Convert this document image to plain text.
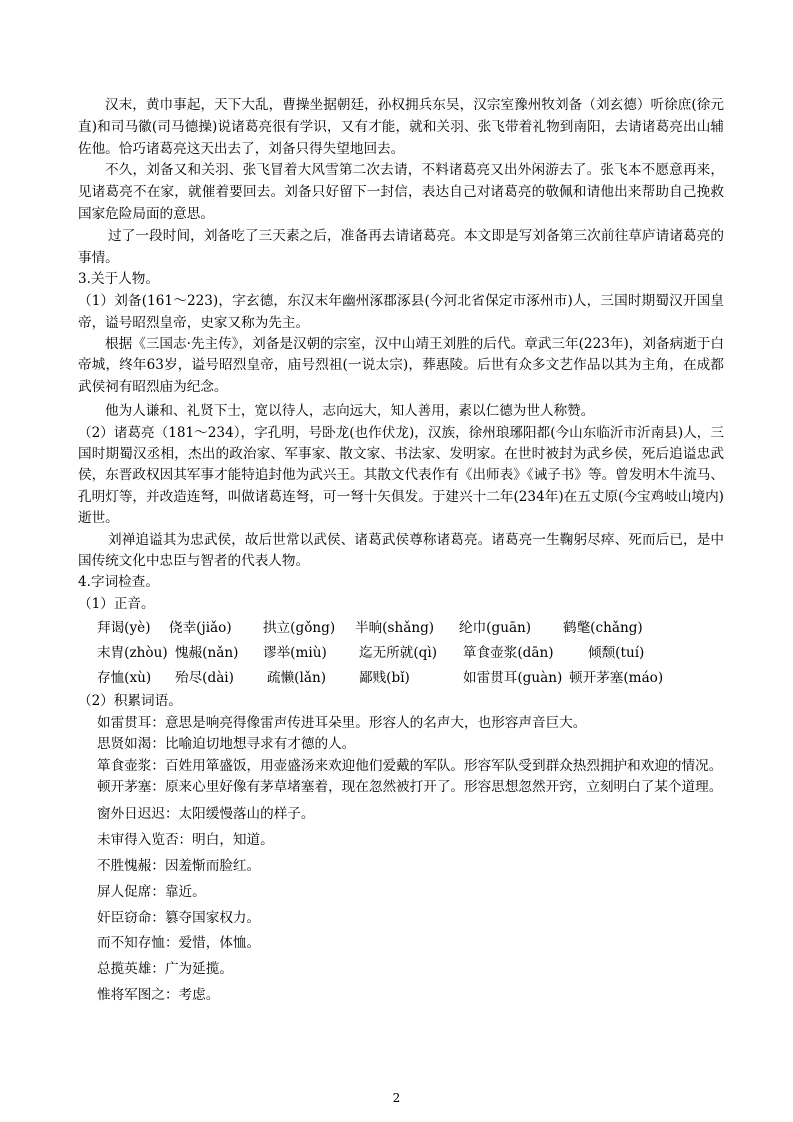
汉末，黄巾事起，天下大乱，曹操坐据朝廷，孙权拥兵东吴，汉宗室豫州牧刘备（刘玄德）听徐庶(徐元直)和司马徽(司马德操)说诸葛亮很有学识，又有才能，就和关羽、张飞带着礼物到南阳，去请诸葛亮出山辅佐他。恰巧诸葛亮这天出去了，刘备只得失望地回去。

不久，刘备又和关羽、张飞冒着大风雪第二次去请，不料诸葛亮又出外闲游去了。张飞本不愿意再来，见诸葛亮不在家，就催着要回去。刘备只好留下一封信，表达自己对诸葛亮的敬佩和请他出来帮助自己挽救国家危险局面的意思。

过了一段时间，刘备吃了三天素之后，准备再去请诸葛亮。本文即是写刘备第三次前往草庐请诸葛亮的事情。

3.关于人物。

（1）刘备(161～223)，字玄德，东汉末年幽州涿郡涿县(今河北省保定市涿州市)人，三国时期蜀汉开国皇帝，谥号昭烈皇帝，史家又称为先主。

根据《三国志·先主传》，刘备是汉朝的宗室，汉中山靖王刘胜的后代。章武三年(223年)，刘备病逝于白帝城，终年63岁，谥号昭烈皇帝，庙号烈祖(一说太宗)，葬惠陵。后世有众多文艺作品以其为主角，在成都武侯祠有昭烈庙为纪念。

他为人谦和、礼贤下士，宽以待人，志向远大，知人善用，素以仁德为世人称赞。

（2）诸葛亮（181～234），字孔明，号卧龙(也作伏龙)，汉族，徐州琅琊阳都(今山东临沂市沂南县)人，三国时期蜀汉丞相，杰出的政治家、军事家、散文家、书法家、发明家。在世时被封为武乡侯，死后追谥忠武侯，东晋政权因其军事才能特追封他为武兴王。其散文代表作有《出师表》《诫子书》等。曾发明木牛流马、孔明灯等，并改造连弩，叫做诸葛连弩，可一弩十矢俱发。于建兴十二年(234年)在五丈原(今宝鸡岐山境内)逝世。

刘禅追谥其为忠武侯，故后世常以武侯、诸葛武侯尊称诸葛亮。诸葛亮一生鞠躬尽瘁、死而后已，是中国传统文化中忠臣与智者的代表人物。

4.字词检查。

（1）正音。

拜谒(yè) 侥幸(jiǎo) 拱立(gǒng) 半晌(shǎng) 纶巾(guān) 鹤氅(chǎng)
末胄(zhòu) 愧赧(nǎn) 谬举(miù) 迄无所就(qì) 箪食壶浆(dān)	倾颓(tuí)
存恤(xù) 殆尽(dài) 疏懒(lǎn) 鄙贱(bǐ)	如雷贯耳(guàn) 顿开茅塞(máo)

（2）积累词语。

如雷贯耳：意思是响亮得像雷声传进耳朵里。形容人的名声大，也形容声音巨大。

思贤如渴：比喻迫切地想寻求有才德的人。

箪食壶浆：百姓用箪盛饭，用壶盛汤来欢迎他们爱戴的军队。形容军队受到群众热烈拥护和欢迎的情况。

顿开茅塞：原来心里好像有茅草堵塞着，现在忽然被打开了。形容思想忽然开窍，立刻明白了某个道理。

窗外日迟迟：太阳缓慢落山的样子。
未审得入览否：明白，知道。
不胜愧赧：因羞惭而脸红。
屏人促席：靠近。
奸臣窃命：篡夺国家权力。
而不知存恤：爱惜，体恤。
总揽英雄：广为延揽。
惟将军图之：考虑。
2
